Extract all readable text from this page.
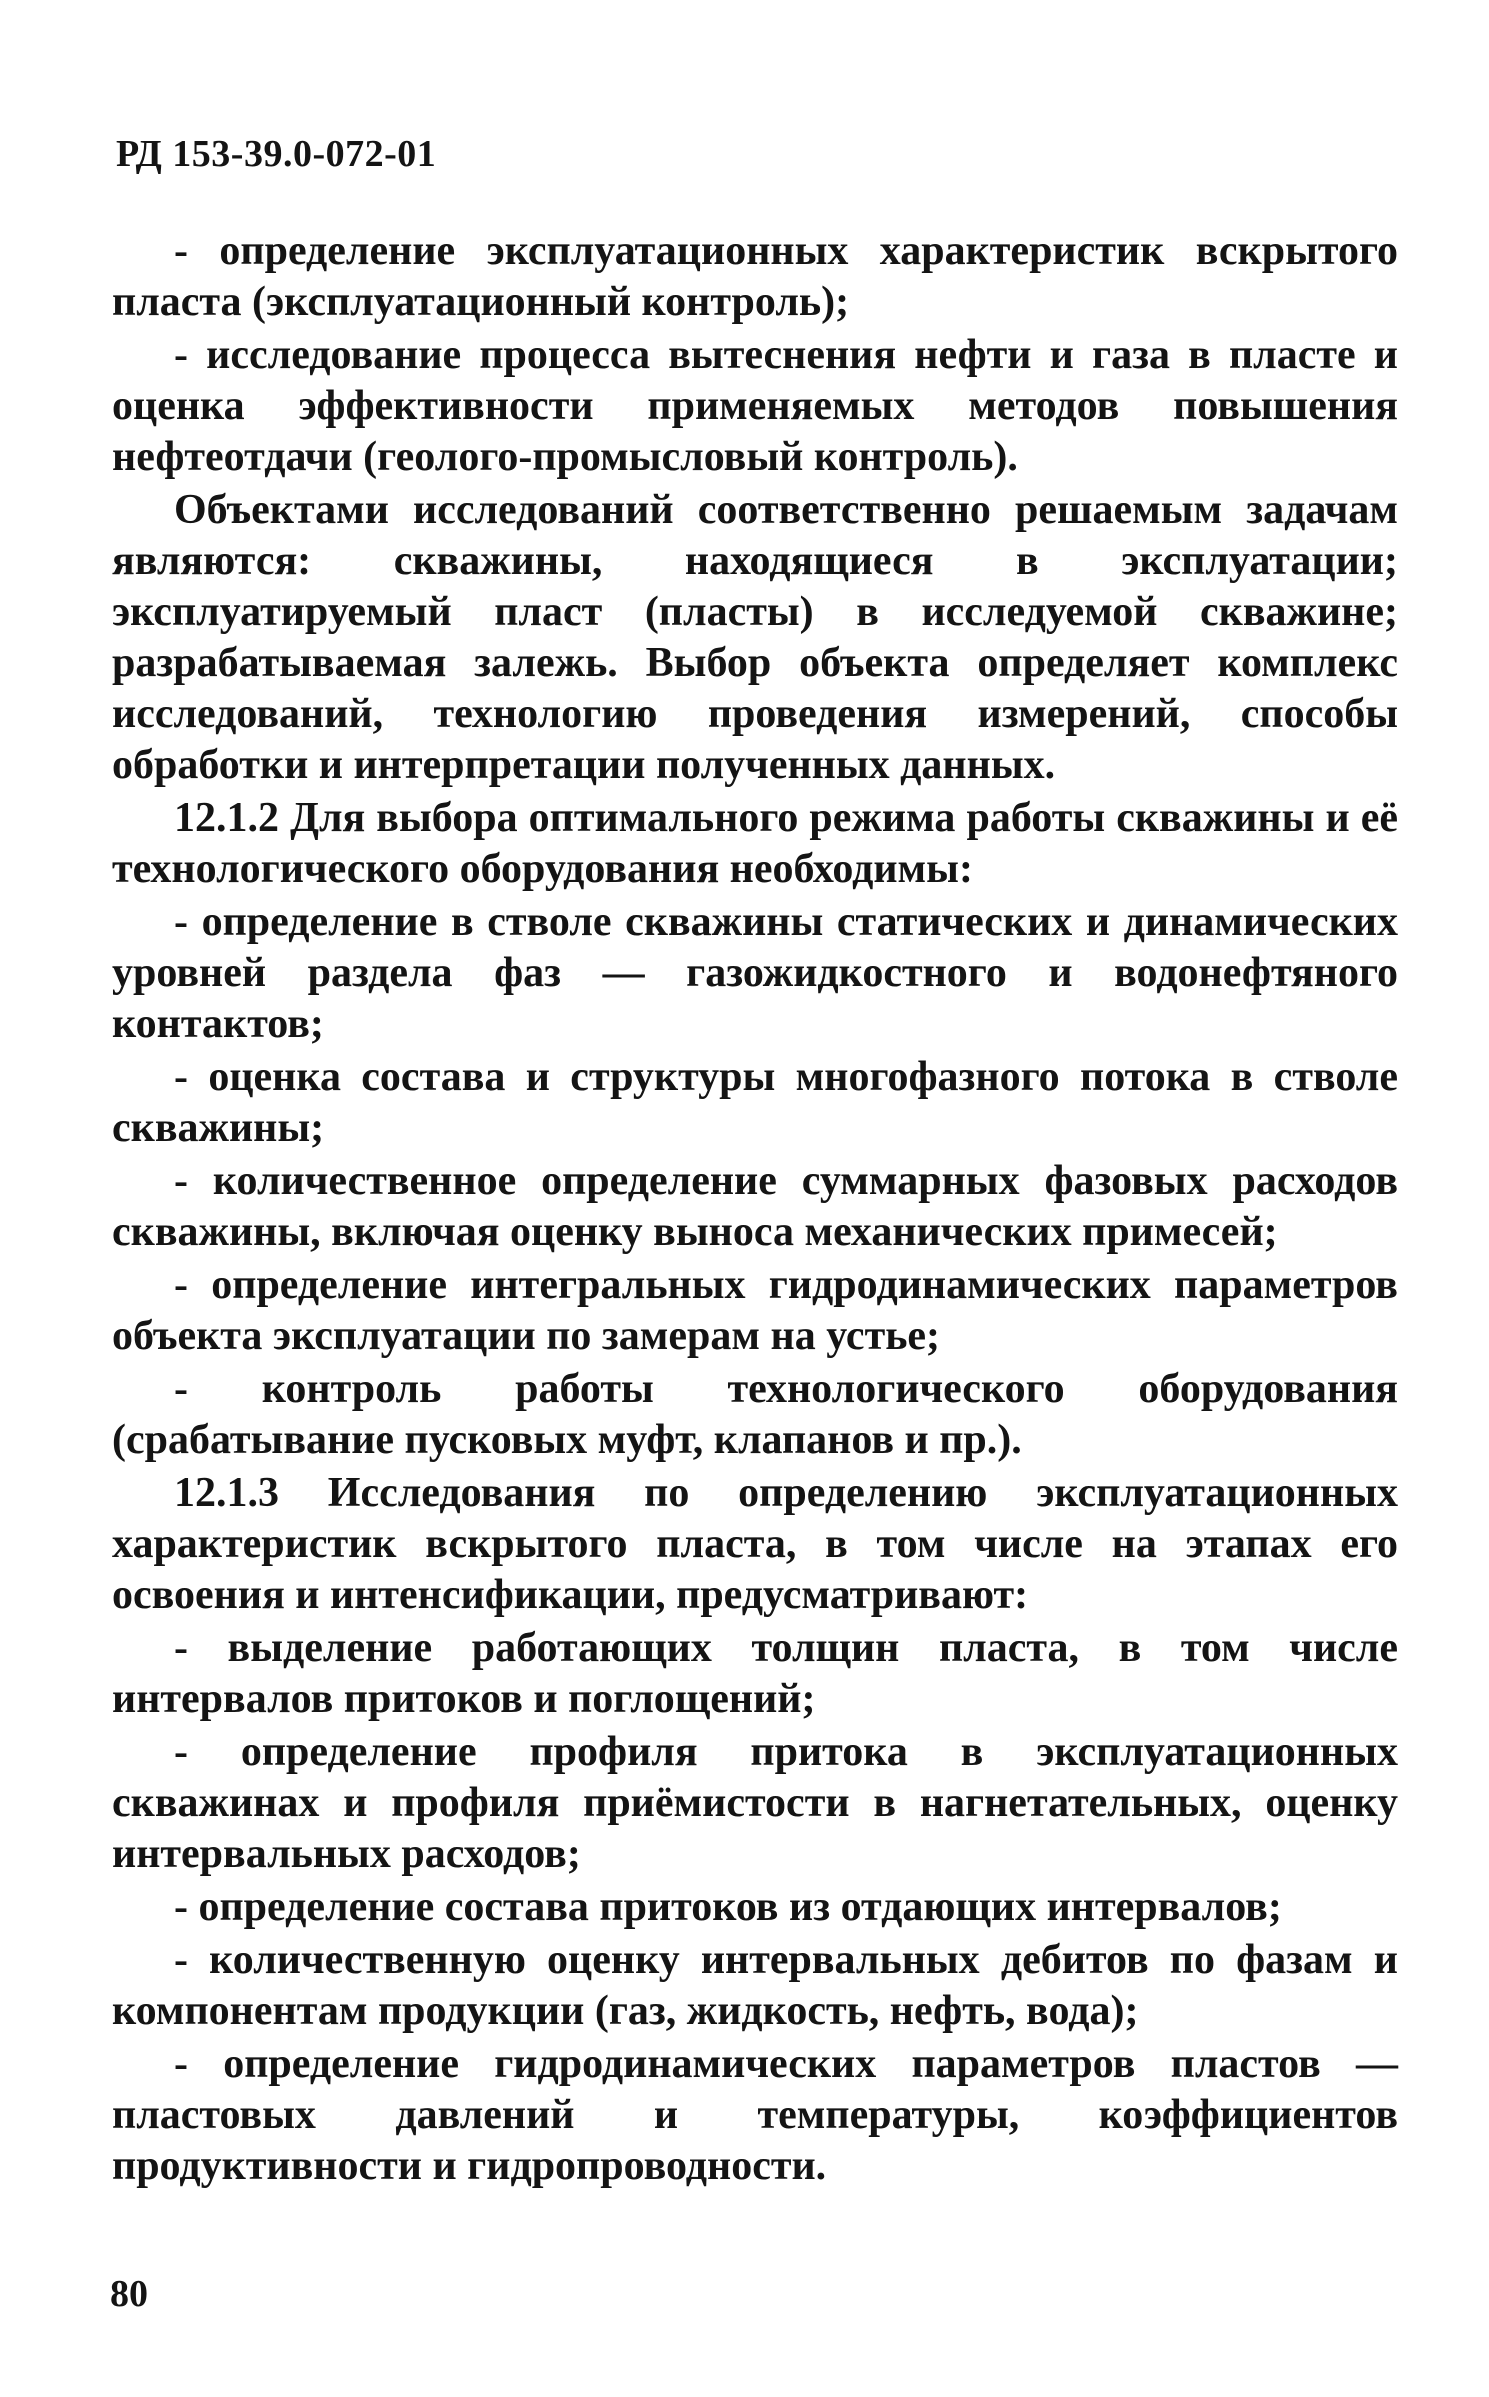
РД 153-39.0-072-01

- определение эксплуатационных характеристик вскрытого пласта (эксплуатационный контроль);

- исследование процесса вытеснения нефти и газа в пласте и оценка эффективности применяемых методов повышения нефтеотдачи (геолого-промысловый контроль).

Объектами исследований соответственно решаемым задачам являются: скважины, находящиеся в эксплуатации; эксплуатируемый пласт (пласты) в исследуемой скважине; разрабатываемая залежь. Выбор объекта определяет комплекс исследований, технологию проведения измерений, способы обработки и интерпретации полученных данных.

12.1.2 Для выбора оптимального режима работы скважины и её технологического оборудования необходимы:

- определение в стволе скважины статических и динамических уровней раздела фаз — газожидкостного и водонефтяного контактов;

- оценка состава и структуры многофазного потока в стволе скважины;

- количественное определение суммарных фазовых расходов скважины, включая оценку выноса механических примесей;

- определение интегральных гидродинамических параметров объекта эксплуатации по замерам на устье;

- контроль работы технологического оборудования (срабатывание пусковых муфт, клапанов и пр.).

12.1.3 Исследования по определению эксплуатационных характеристик вскрытого пласта, в том числе на этапах его освоения и интенсификации, предусматривают:

- выделение работающих толщин пласта, в том числе интервалов притоков и поглощений;

- определение профиля притока в эксплуатационных скважинах и профиля приёмистости в нагнетательных, оценку интервальных расходов;

- определение состава притоков из отдающих интервалов;

- количественную оценку интервальных дебитов по фазам и компонентам продукции (газ, жидкость, нефть, вода);

- определение гидродинамических параметров пластов — пластовых давлений и температуры, коэффициентов продуктивности и гидропроводности.

80
